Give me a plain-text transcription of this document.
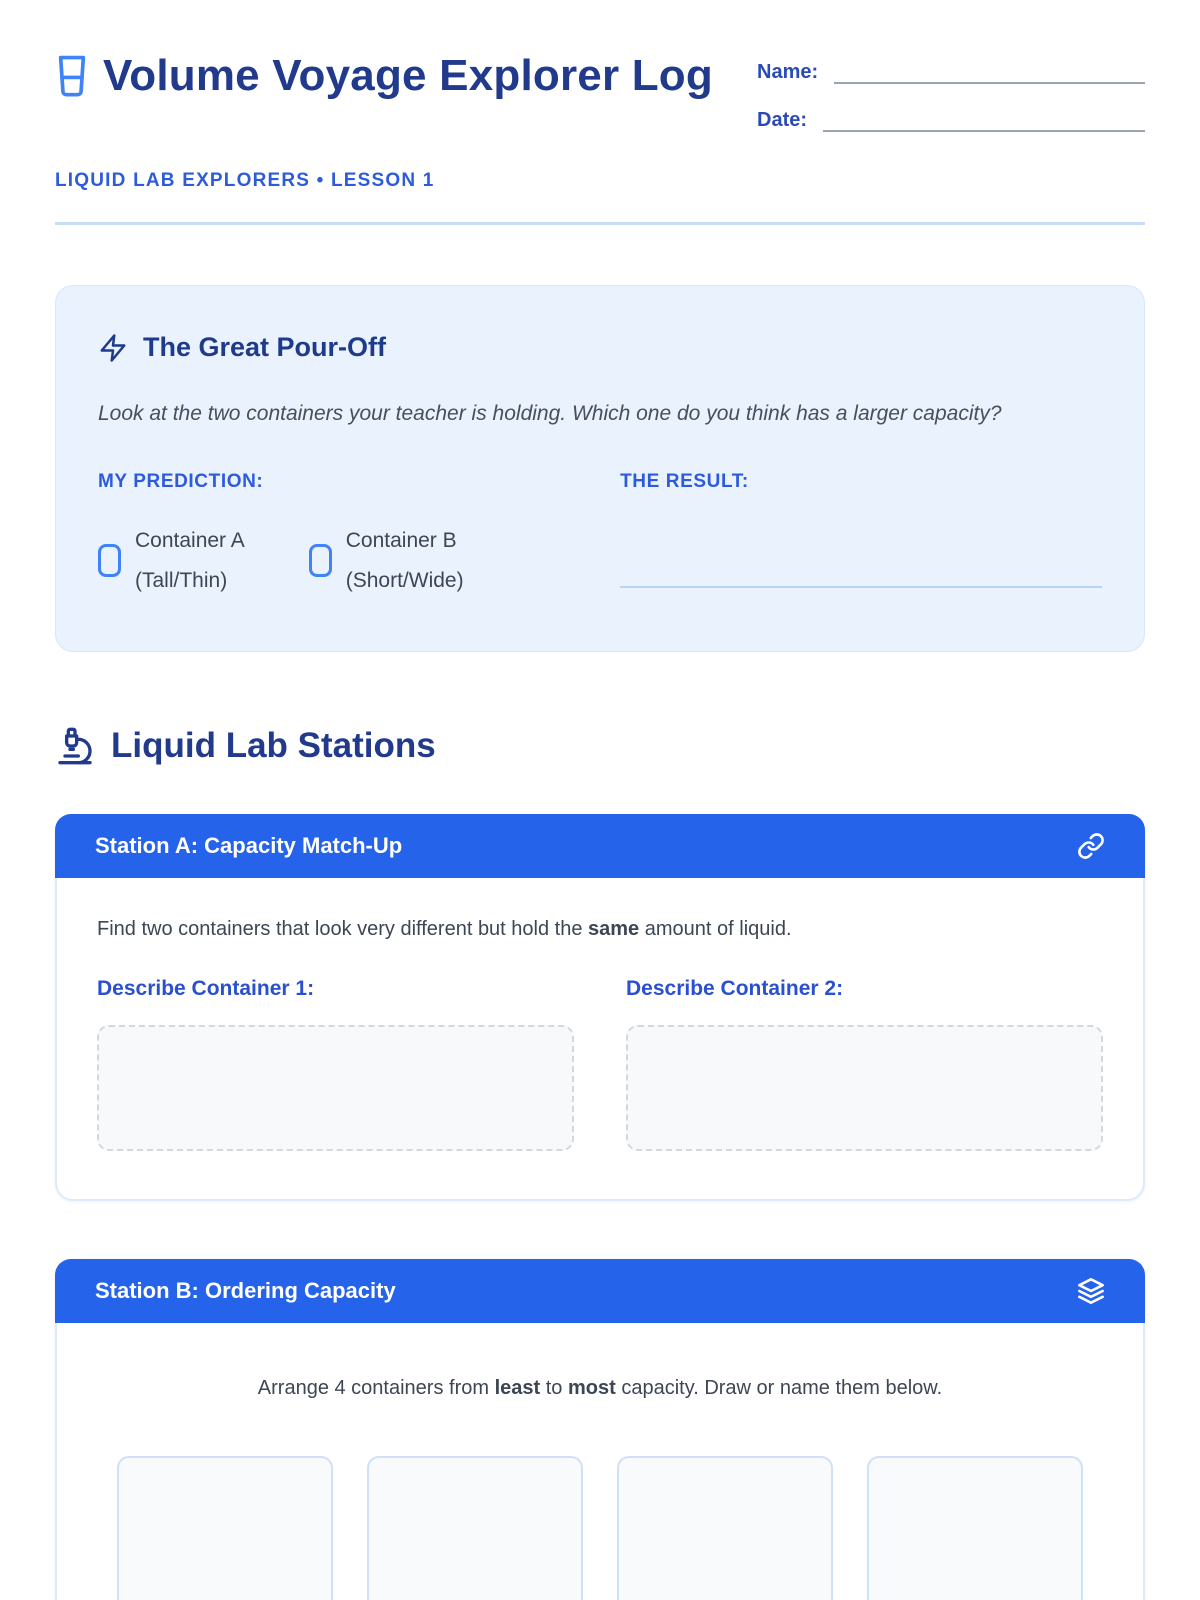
Volume Voyage Explorer Log Name:
Date:
LIQUID LAB EXPLORERS • LESSON 1
The Great Pour-Off

Look at the two containers your teacher is holding. Which one do you think has a larger capacity?

MY PREDICTION:
Container A
(Tall/Thin)
Container B
(Short/Wide)
THE RESULT:
Liquid Lab Stations
Station A: Capacity Match-Up

Find two containers that look very different but hold the same amount of liquid.

Describe Container 1:	Describe Container 2:
Station B: Ordering Capacity

Arrange 4 containers from least to most capacity. Draw or name them below.
